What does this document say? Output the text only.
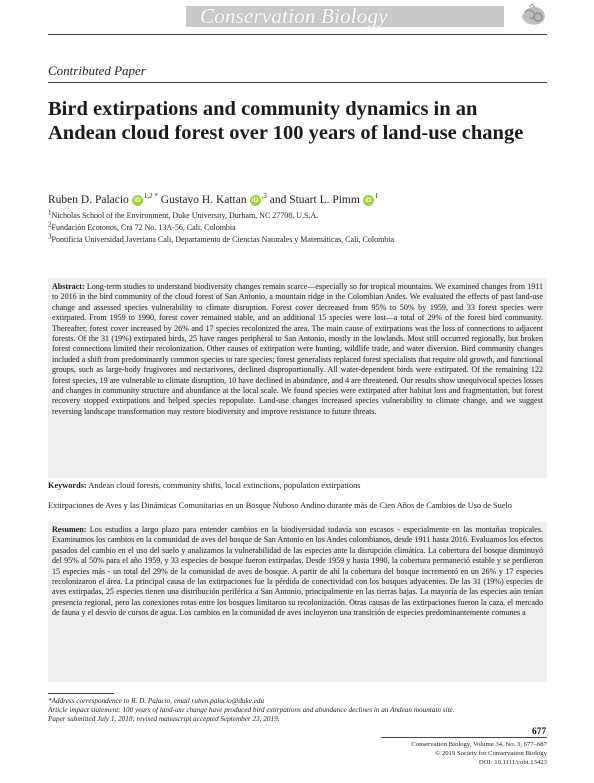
Conservation Biology
Contributed Paper
Bird extirpations and community dynamics in an Andean cloud forest over 100 years of land-use change
Ruben D. Palacio $iD^{1,2 *}$ Gustavo H. Kattan $iD^{,3}$ and Stuart L. Pimm $iD^1$
1Nicholas School of the Environment, Duke University, Durham, NC 27708, U.S.A.
2Fundación Ecotonos, Cra 72 No. 13A-56, Cali, Colombia
3Pontificia Universidad Javeriana Cali, Departamento de Ciencias Naturales y Matemáticas, Cali, Colombia
Abstract: Long-term studies to understand biodiversity changes remain scarce—especially so for tropical mountains. We examined changes from 1911 to 2016 in the bird community of the cloud forest of San Antonio, a mountain ridge in the Colombian Andes. We evaluated the effects of past land-use change and assessed species vulnerability to climate disruption. Forest cover decreased from 95% to 50% by 1959, and 33 forest species were extirpated. From 1959 to 1990, forest cover remained stable, and an additional 15 species were lost—a total of 29% of the forest bird community. Thereafter, forest cover increased by 26% and 17 species recolonized the area. The main cause of extirpations was the loss of connections to adjacent forests. Of the 31 (19%) extirpated birds, 25 have ranges peripheral to San Antonio, mostly in the lowlands. Most still occurred regionally, but broken forest connections limited their recolonization. Other causes of extirpation were hunting, wildlife trade, and water diversion. Bird community changes included a shift from predominantly common species to rare species; forest generalists replaced forest specialists that require old growth, and functional groups, such as large-body frugivores and nectarivores, declined disproportionally. All water-dependent birds were extirpated. Of the remaining 122 forest species, 19 are vulnerable to climate disruption, 10 have declined in abundance, and 4 are threatened. Our results show unequivocal species losses and changes in community structure and abundance at the local scale. We found species were extirpated after habitat loss and fragmentation, but forest recovery stopped extirpations and helped species repopulate. Land-use changes increased species vulnerability to climate change, and we suggest reversing landscape transformation may restore biodiversity and improve resistance to future threats.
Keywords: Andean cloud forests, community shifts, local extinctions, population extirpations
Extirpaciones de Aves y las Dinámicas Comunitarias en un Bosque Nuboso Andino durante más de Cien Años de Cambios de Uso de Suelo
Resumen: Los estudios a largo plazo para entender cambios en la biodiversidad todavía son escasos - especialmente en las montañas tropicales. Examinamos los cambios en la comunidad de aves del bosque de San Antonio en los Andes colombianos, desde 1911 hasta 2016. Evaluamos los efectos pasados del cambio en el uso del suelo y analizamos la vulnerabilidad de las especies ante la disrupción climática. La cobertura del bosque disminuyó del 95% al 50% para el año 1959, y 33 especies de bosque fueron extirpadas. Desde 1959 y hasta 1990, la cobertura permaneció estable y se perdieron 15 especies más - un total del 29% de la comunidad de aves de bosque. A partir de ahí la cobertura del bosque incrementó en un 26% y 17 especies recolonizaron el área. La principal causa de las extirpaciones fue la pérdida de conectividad con los bosques adyacentes. De las 31 (19%) especies de aves extirpadas, 25 especies tienen una distribución periférica a San Antonio, principalmente en las tierras bajas. La mayoría de las especies aún tenían presencia regional, pero las conexiones rotas entre los bosques limitaron su recolonización. Otras causas de las extirpaciones fueron la caza, el mercado de fauna y el desvío de cursos de agua. Los cambios en la comunidad de aves incluyeron una transición de especies predominantemente comunes a
*Address correspondence to R. D. Palacio, email ruben.palacio@duke.edu
Article impact statement: 100 years of land-use change have produced bird extirpations and abundance declines in an Andean mountain site.
Paper submitted July 1, 2018; revised manuscript accepted September 23, 2019.
677
Conservation Biology, Volume 34, No. 3, 677–687
© 2019 Society for Conservation Biology
DOI: 10.1111/cobi.13423
